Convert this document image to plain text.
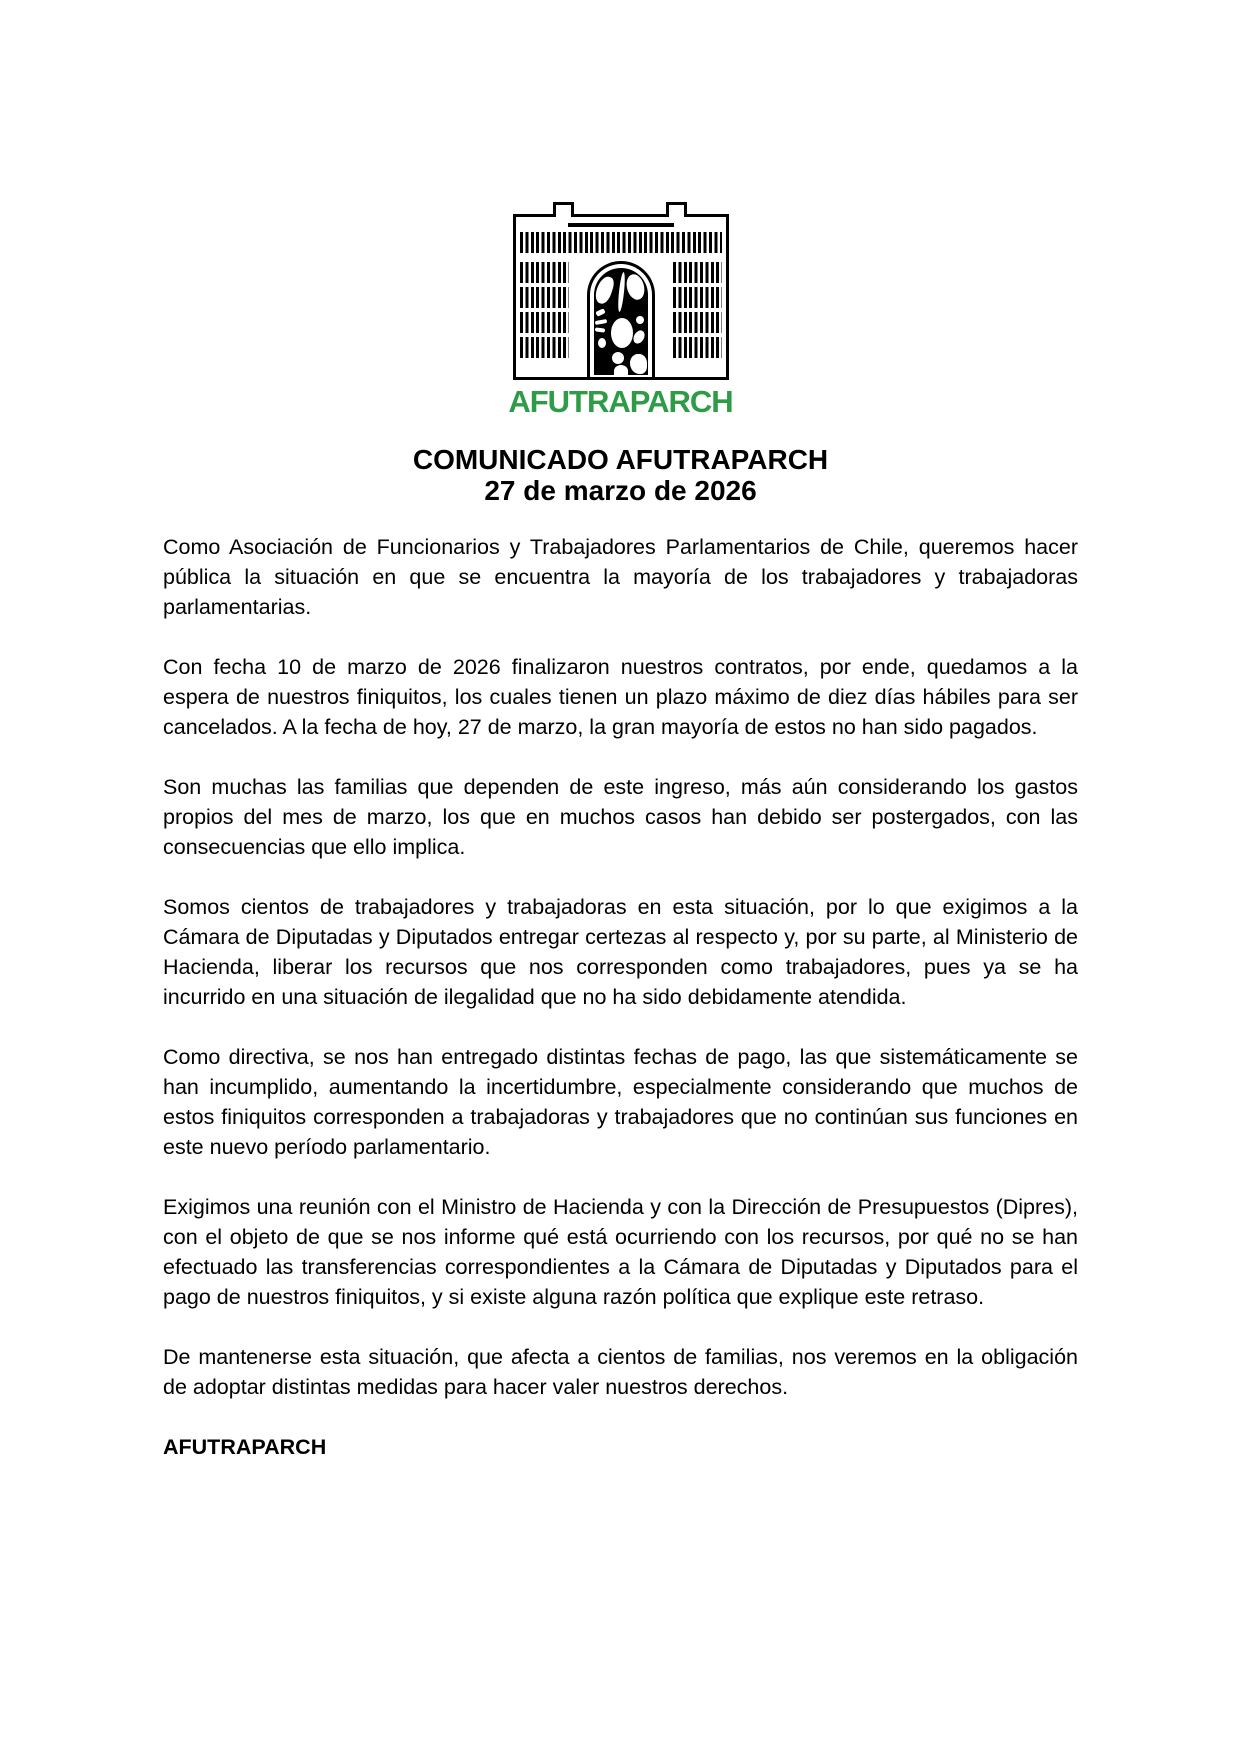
AFUTRAPARCH

COMUNICADO AFUTRAPARCH

27 de marzo de 2026

Como Asociación de Funcionarios y Trabajadores Parlamentarios de Chile, queremos hacer pública la situación en que se encuentra la mayoría de los trabajadores y trabajadoras parlamentarias.

Con fecha 10 de marzo de 2026 finalizaron nuestros contratos, por ende, quedamos a la espera de nuestros finiquitos, los cuales tienen un plazo máximo de diez días hábiles para ser cancelados. A la fecha de hoy, 27 de marzo, la gran mayoría de estos no han sido pagados.

Son muchas las familias que dependen de este ingreso, más aún considerando los gastos propios del mes de marzo, los que en muchos casos han debido ser postergados, con las consecuencias que ello implica.

Somos cientos de trabajadores y trabajadoras en esta situación, por lo que exigimos a la Cámara de Diputadas y Diputados entregar certezas al respecto y, por su parte, al Ministerio de Hacienda, liberar los recursos que nos corresponden como trabajadores, pues ya se ha incurrido en una situación de ilegalidad que no ha sido debidamente atendida.

Como directiva, se nos han entregado distintas fechas de pago, las que sistemáticamente se han incumplido, aumentando la incertidumbre, especialmente considerando que muchos de estos finiquitos corresponden a trabajadoras y trabajadores que no continúan sus funciones en este nuevo período parlamentario.

Exigimos una reunión con el Ministro de Hacienda y con la Dirección de Presupuestos (Dipres), con el objeto de que se nos informe qué está ocurriendo con los recursos, por qué no se han efectuado las transferencias correspondientes a la Cámara de Diputadas y Diputados para el pago de nuestros finiquitos, y si existe alguna razón política que explique este retraso.

De mantenerse esta situación, que afecta a cientos de familias, nos veremos en la obligación de adoptar distintas medidas para hacer valer nuestros derechos.

AFUTRAPARCH
